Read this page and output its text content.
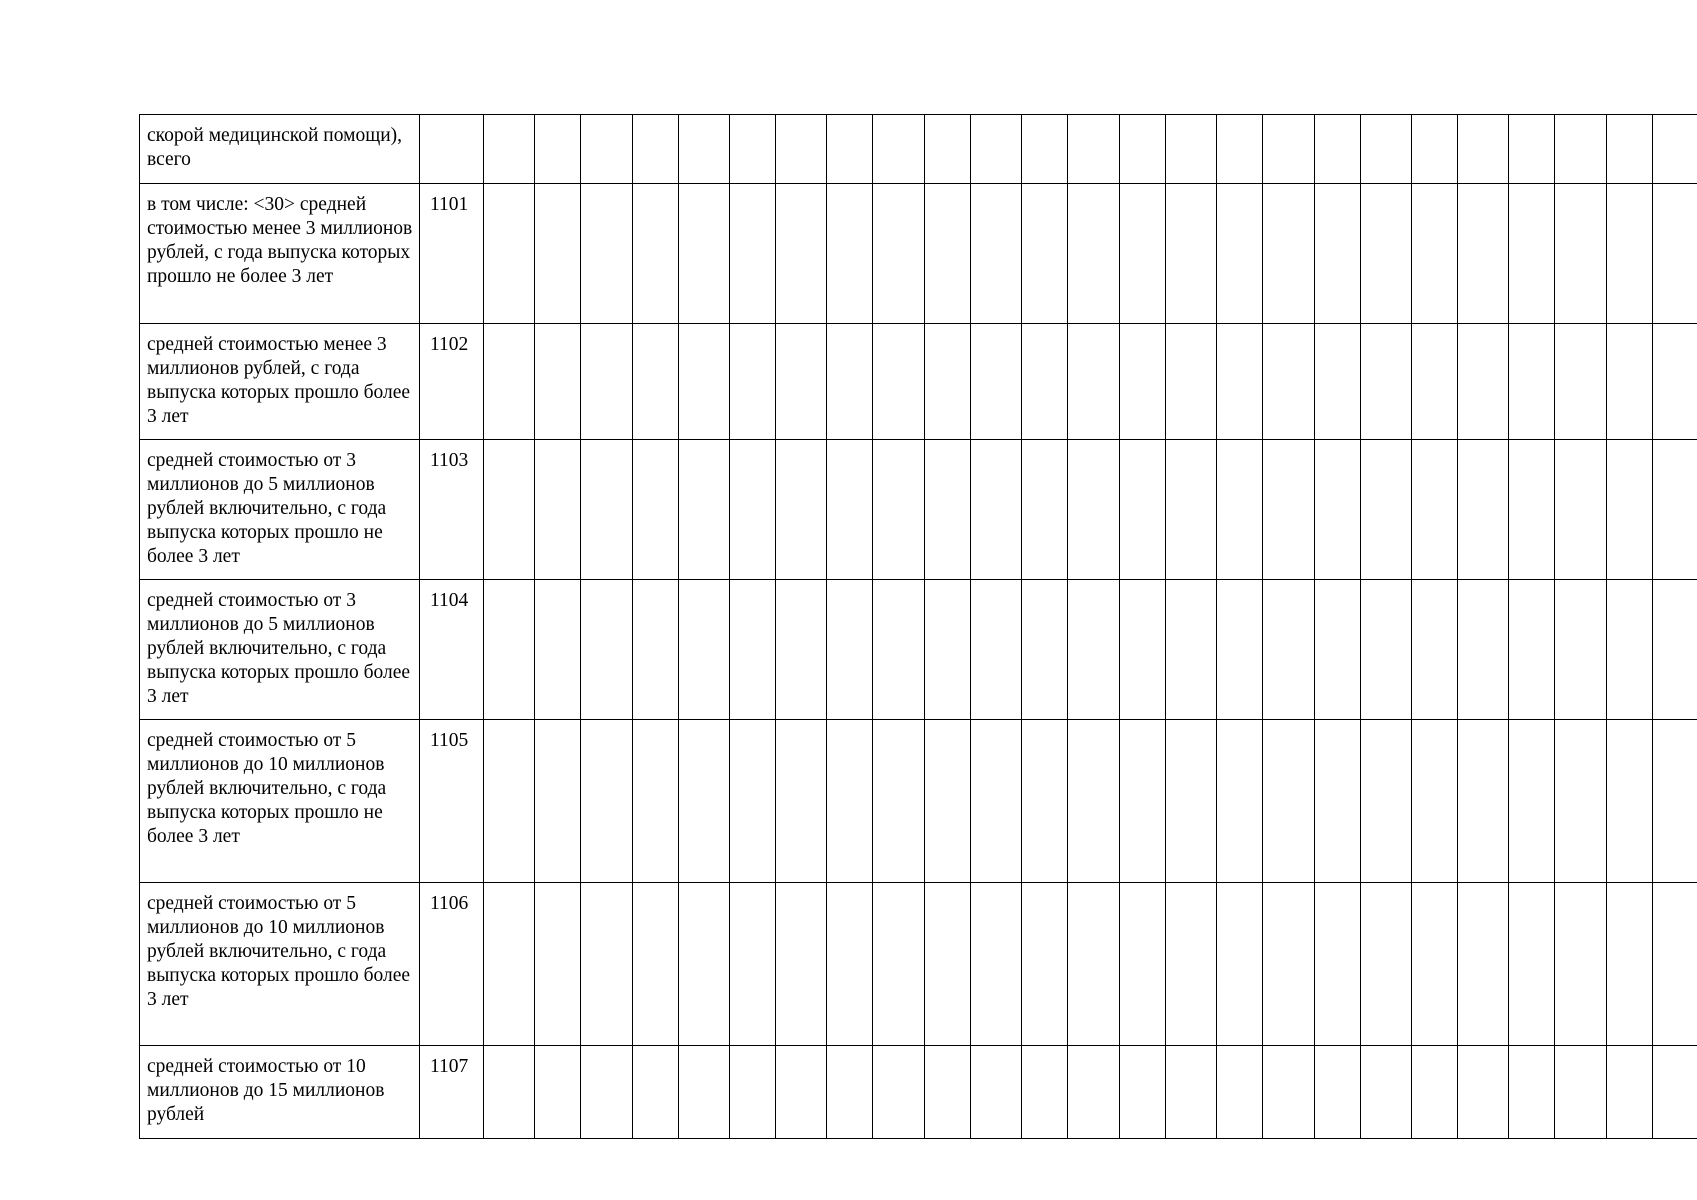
скорой медицинской помощи), всего																										
в том числе: <30> средней стоимостью менее 3 миллионов рублей, с года выпуска которых прошло не более 3 лет	1101																									
средней стоимостью менее 3 миллионов рублей, с года выпуска которых прошло более 3 лет	1102																									
средней стоимостью от 3 миллионов до 5 миллионов рублей включительно, с года выпуска которых прошло не более 3 лет	1103																									
средней стоимостью от 3 миллионов до 5 миллионов рублей включительно, с года выпуска которых прошло более 3 лет	1104																									
средней стоимостью от 5 миллионов до 10 миллионов рублей включительно, с года выпуска которых прошло не более 3 лет	1105																									
средней стоимостью от 5 миллионов до 10 миллионов рублей включительно, с года выпуска которых прошло более 3 лет	1106																									
средней стоимостью от 10 миллионов до 15 миллионов рублей	1107																									
